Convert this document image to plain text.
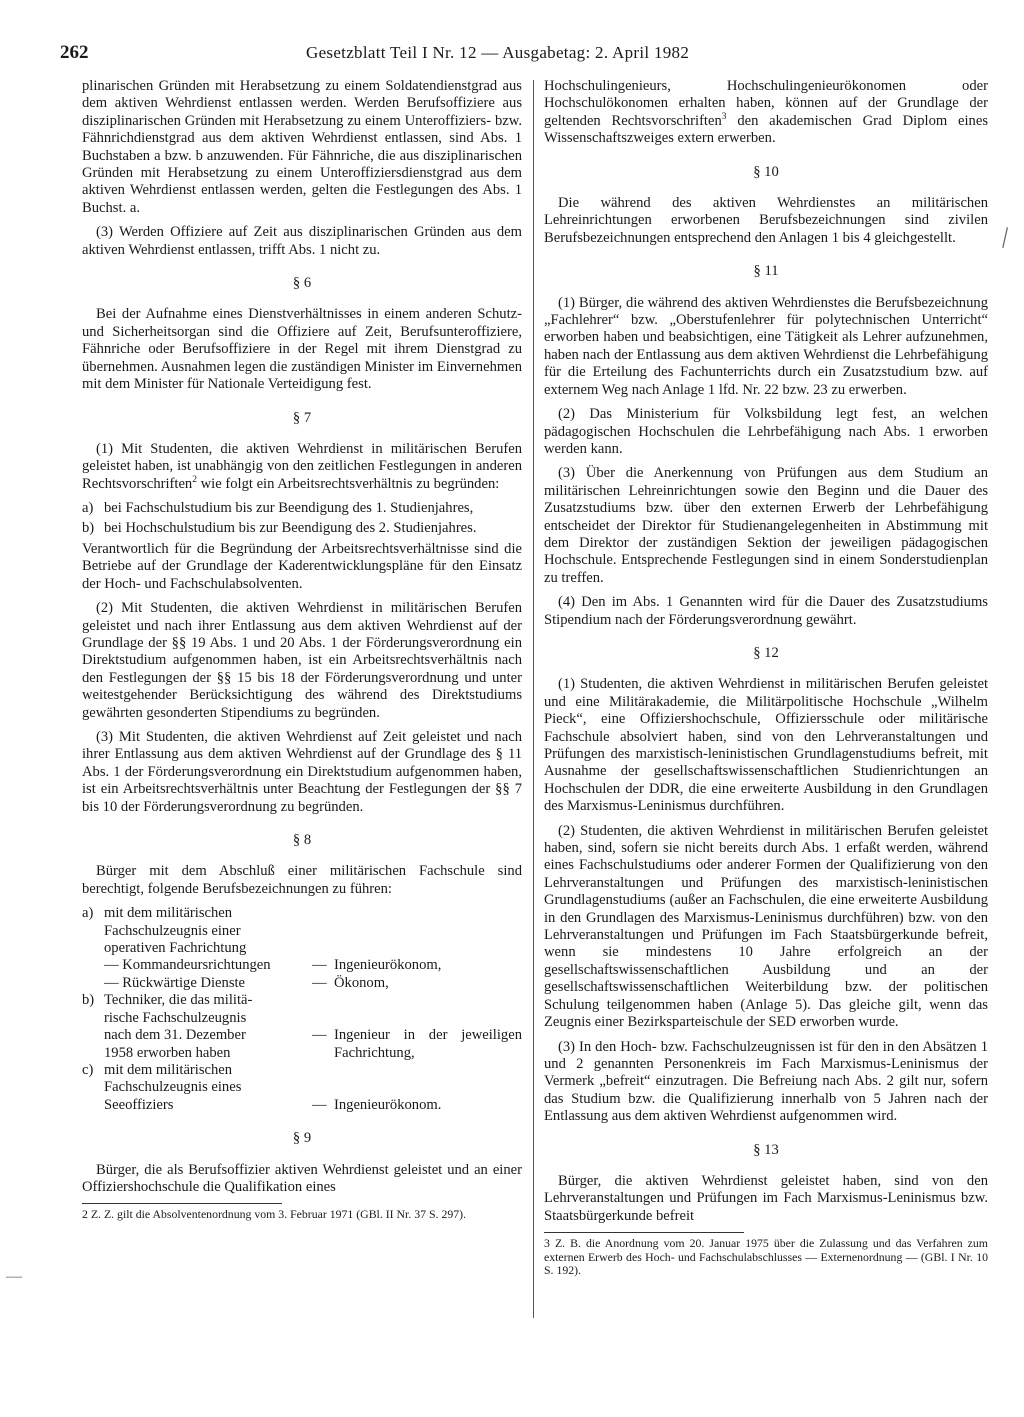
262	Gesetzblatt Teil I Nr. 12 — Ausgabetag: 2. April 1982

plinarischen Gründen mit Herabsetzung zu einem Soldatendienstgrad aus dem aktiven Wehrdienst entlassen werden. Werden Berufsoffiziere aus disziplinarischen Gründen mit Herabsetzung zu einem Unteroffiziers- bzw. Fähnrichdienstgrad aus dem aktiven Wehrdienst entlassen, sind Abs. 1 Buchstaben a bzw. b anzuwenden. Für Fähnriche, die aus disziplinarischen Gründen mit Herabsetzung zu einem Unteroffiziersdienstgrad aus dem aktiven Wehrdienst entlassen werden, gelten die Festlegungen des Abs. 1 Buchst. a.

(3) Werden Offiziere auf Zeit aus disziplinarischen Gründen aus dem aktiven Wehrdienst entlassen, trifft Abs. 1 nicht zu.

§ 6

Bei der Aufnahme eines Dienstverhältnisses in einem anderen Schutz- und Sicherheitsorgan sind die Offiziere auf Zeit, Berufsunteroffiziere, Fähnriche oder Berufsoffiziere in der Regel mit ihrem Dienstgrad zu übernehmen. Ausnahmen legen die zuständigen Minister im Einvernehmen mit dem Minister für Nationale Verteidigung fest.

§ 7

(1) Mit Studenten, die aktiven Wehrdienst in militärischen Berufen geleistet haben, ist unabhängig von den zeitlichen Festlegungen in anderen Rechtsvorschriften$^2$ wie folgt ein Arbeitsrechtsverhältnis zu begründen:

a) bei Fachschulstudium bis zur Beendigung des 1. Studienjahres,
b) bei Hochschulstudium bis zur Beendigung des 2. Studienjahres.

Verantwortlich für die Begründung der Arbeitsrechtsverhältnisse sind die Betriebe auf der Grundlage der Kaderentwicklungspläne für den Einsatz der Hoch- und Fachschulabsolventen.

(2) Mit Studenten, die aktiven Wehrdienst in militärischen Berufen geleistet und nach ihrer Entlassung aus dem aktiven Wehrdienst auf der Grundlage der §§ 19 Abs. 1 und 20 Abs. 1 der Förderungsverordnung ein Direktstudium aufgenommen haben, ist ein Arbeitsrechtsverhältnis nach den Festlegungen der §§ 15 bis 18 der Förderungsverordnung und unter weitestgehender Berücksichtigung des während des Direktstudiums gewährten gesonderten Stipendiums zu begründen.

(3) Mit Studenten, die aktiven Wehrdienst auf Zeit geleistet und nach ihrer Entlassung aus dem aktiven Wehrdienst auf der Grundlage des § 11 Abs. 1 der Förderungsverordnung ein Direktstudium aufgenommen haben, ist ein Arbeitsrechtsverhältnis unter Beachtung der Festlegungen der §§ 7 bis 10 der Förderungsverordnung zu begründen.

§ 8

Bürger mit dem Abschluß einer militärischen Fachschule sind berechtigt, folgende Berufsbezeichnungen zu führen:

a) mit dem militärischen
Fachschulzeugnis einer
operativen Fachrichtung
— Kommandeursrichtungen	— Ingenieurökonom,
— Rückwärtige Dienste	— Ökonom,
b) Techniker, die das militä-
rische Fachschulzeugnis
nach dem 31. Dezember	— Ingenieur in der jeweiligen Fachrichtung,
1958 erworben haben
c) mit dem militärischen
Fachschulzeugnis eines
Seeoffiziers	— Ingenieurökonom.
§ 9

Bürger, die als Berufsoffizier aktiven Wehrdienst geleistet und an einer Offiziershochschule die Qualifikation eines

2 Z. Z. gilt die Absolventenordnung vom 3. Februar 1971 (GBl. II Nr. 37 S. 297).

Hochschulingenieurs, Hochschulingenieurökonomen oder Hochschulökonomen erhalten haben, können auf der Grundlage der geltenden Rechtsvorschriften$^3$ den akademischen Grad Diplom eines Wissenschaftszweiges extern erwerben.

§ 10

Die während des aktiven Wehrdienstes an militärischen Lehreinrichtungen erworbenen Berufsbezeichnungen sind zivilen Berufsbezeichnungen entsprechend den Anlagen 1 bis 4 gleichgestellt.

§ 11

(1) Bürger, die während des aktiven Wehrdienstes die Berufsbezeichnung „Fachlehrer“ bzw. „Oberstufenlehrer für polytechnischen Unterricht“ erworben haben und beabsichtigen, eine Tätigkeit als Lehrer aufzunehmen, haben nach der Entlassung aus dem aktiven Wehrdienst die Lehrbefähigung für die Erteilung des Fachunterrichts durch ein Zusatzstudium bzw. auf externem Weg nach Anlage 1 lfd. Nr. 22 bzw. 23 zu erwerben.

(2) Das Ministerium für Volksbildung legt fest, an welchen pädagogischen Hochschulen die Lehrbefähigung nach Abs. 1 erworben werden kann.

(3) Über die Anerkennung von Prüfungen aus dem Studium an militärischen Lehreinrichtungen sowie den Beginn und die Dauer des Zusatzstudiums bzw. über den externen Erwerb der Lehrbefähigung entscheidet der Direktor für Studienangelegenheiten in Abstimmung mit dem Direktor der zuständigen Sektion der jeweiligen pädagogischen Hochschule. Entsprechende Festlegungen sind in einem Sonderstudienplan zu treffen.

(4) Den im Abs. 1 Genannten wird für die Dauer des Zusatzstudiums Stipendium nach der Förderungsverordnung gewährt.

§ 12

(1) Studenten, die aktiven Wehrdienst in militärischen Berufen geleistet und eine Militärakademie, die Militärpolitische Hochschule „Wilhelm Pieck“, eine Offiziershochschule, Offiziersschule oder militärische Fachschule absolviert haben, sind von den Lehrveranstaltungen und Prüfungen des marxistisch-leninistischen Grundlagenstudiums befreit, mit Ausnahme der gesellschaftswissenschaftlichen Studienrichtungen an Hochschulen der DDR, die eine erweiterte Ausbildung in den Grundlagen des Marxismus-Leninismus durchführen.

(2) Studenten, die aktiven Wehrdienst in militärischen Berufen geleistet haben, sind, sofern sie nicht bereits durch Abs. 1 erfaßt werden, während eines Fachschulstudiums oder anderer Formen der Qualifizierung von den Lehrveranstaltungen und Prüfungen des marxistisch-leninistischen Grundlagenstudiums (außer an Fachschulen, die eine erweiterte Ausbildung in den Grundlagen des Marxismus-Leninismus durchführen) bzw. von den Lehrveranstaltungen und Prüfungen im Fach Staatsbürgerkunde befreit, wenn sie mindestens 10 Jahre erfolgreich an der gesellschaftswissenschaftlichen Ausbildung und an der gesellschaftswissenschaftlichen Weiterbildung bzw. der politischen Schulung teilgenommen haben (Anlage 5). Das gleiche gilt, wenn das Zeugnis einer Bezirksparteischule der SED erworben wurde.

(3) In den Hoch- bzw. Fachschulzeugnissen ist für den in den Absätzen 1 und 2 genannten Personenkreis im Fach Marxismus-Leninismus der Vermerk „befreit“ einzutragen. Die Befreiung nach Abs. 2 gilt nur, sofern das Studium bzw. die Qualifizierung innerhalb von 5 Jahren nach der Entlassung aus dem aktiven Wehrdienst aufgenommen wird.

§ 13

Bürger, die aktiven Wehrdienst geleistet haben, sind von den Lehrveranstaltungen und Prüfungen im Fach Marxismus-Leninismus bzw. Staatsbürgerkunde befreit

3 Z. B. die Anordnung vom 20. Januar 1975 über die Zulassung und das Verfahren zum externen Erwerb des Hoch- und Fachschulabschlusses — Externenordnung — (GBl. I Nr. 10 S. 192).
╲
—
